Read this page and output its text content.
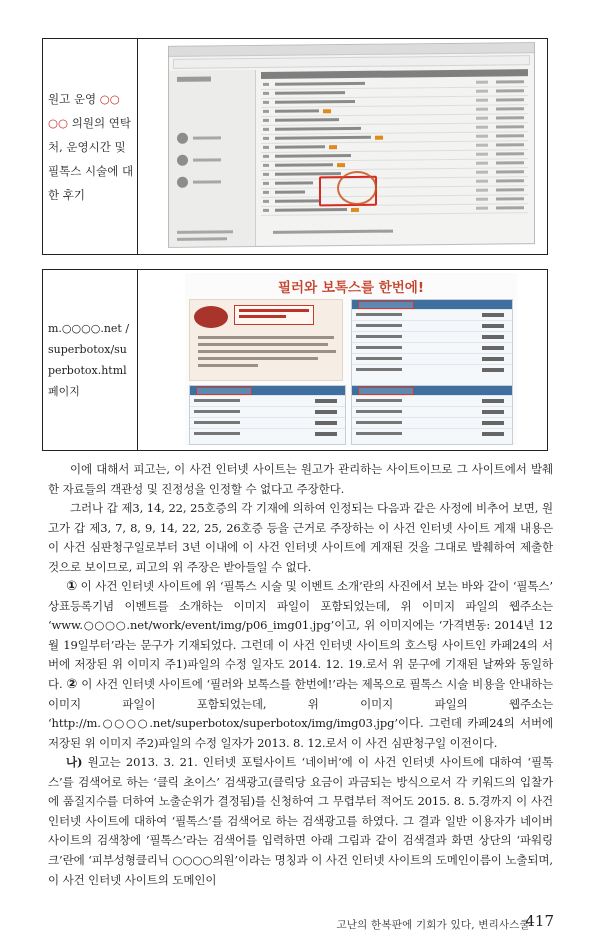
원고 운영 ○○ ○○ 의원의 연탁처, 운영시간 및 필톡스 시술에 대한 후기
m.○○○○.net /superbotox/superbotox.html 페이지
필러와 보톡스를 한번에!

이에 대해서 피고는, 이 사건 인터넷 사이트는 원고가 관리하는 사이트이므로 그 사이트에서 발췌한 자료들의 객관성 및 진정성을 인정할 수 없다고 주장한다.

그러나 갑 제3, 14, 22, 25호증의 각 기재에 의하여 인정되는 다음과 같은 사정에 비추어 보면, 원고가 갑 제3, 7, 8, 9, 14, 22, 25, 26호증 등을 근거로 주장하는 이 사건 인터넷 사이트 게재 내용은 이 사건 심판청구일로부터 3년 이내에 이 사건 인터넷 사이트에 게재된 것을 그대로 발췌하여 제출한 것으로 보이므로, 피고의 위 주장은 받아들일 수 없다.

① 이 사건 인터넷 사이트에 위 ‘필톡스 시술 및 이벤트 소개’란의 사진에서 보는 바와 같이 ‘필톡스’ 상표등록기념 이벤트를 소개하는 이미지 파일이 포함되었는데, 위 이미지 파일의 웹주소는 ‘www.○○○○.net/work/event/img/p06_img01.jpg’이고, 위 이미지에는 ‘가격변동: 2014년 12월 19일부터’라는 문구가 기재되었다. 그런데 이 사건 인터넷 사이트의 호스팅 사이트인 카페24의 서버에 저장된 위 이미지 주1)파일의 수정 일자도 2014. 12. 19.로서 위 문구에 기재된 날짜와 동일하다. ② 이 사건 인터넷 사이트에 ‘필러와 보톡스를 한번에!’라는 제목으로 필톡스 시술 비용을 안내하는 이미지 파일이 포함되었는데, 위 이미지 파일의 웹주소는 ‘http://m.○○○○.net/superbotox/superbotox/img/img03.jpg’이다. 그런데 카페24의 서버에 저장된 위 이미지 주2)파일의 수정 일자가 2013. 8. 12.로서 이 사건 심판청구일 이전이다.

나) 원고는 2013. 3. 21. 인터넷 포털사이트 ‘네이버’에 이 사건 인터넷 사이트에 대하여 ‘필톡스’를 검색어로 하는 ‘클릭 초이스’ 검색광고(클릭당 요금이 과금되는 방식으로서 각 키워드의 입찰가에 품질지수를 더하여 노출순위가 결정됨)를 신청하여 그 무렵부터 적어도 2015. 8. 5.경까지 이 사건 인터넷 사이트에 대하여 ‘필톡스’를 검색어로 하는 검색광고를 하였다. 그 결과 일반 이용자가 네이버 사이트의 검색창에 ‘필톡스’라는 검색어를 입력하면 아래 그림과 같이 검색결과 화면 상단의 ‘파워링크’란에 ‘피부성형클리닉 ○○○○의원’이라는 명칭과 이 사건 인터넷 사이트의 도메인이름이 노출되며, 이 사건 인터넷 사이트의 도메인이

고난의 한복판에 기회가 있다, 변리사스쿨
417
